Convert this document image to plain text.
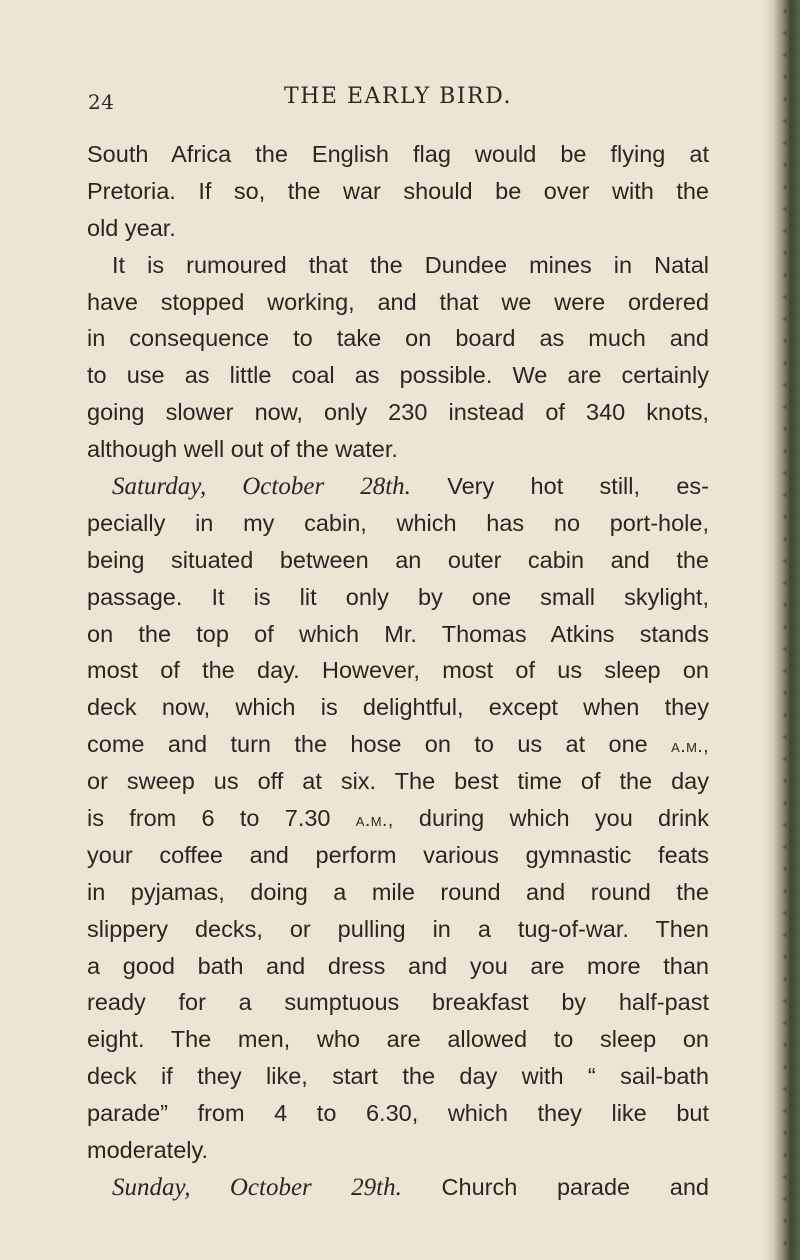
24	THE EARLY BIRD.
South Africa the English flag would be flying at
Pretoria. If so, the war should be over with the
old year.
It is rumoured that the Dundee mines in Natal
have stopped working, and that we were ordered
in consequence to take on board as much and
to use as little coal as possible. We are certainly
going slower now, only 230 instead of 340 knots,
although well out of the water.
Saturday, October 28th. Very hot still, es-
pecially in my cabin, which has no port-hole,
being situated between an outer cabin and the
passage. It is lit only by one small skylight,
on the top of which Mr. Thomas Atkins stands
most of the day. However, most of us sleep on
deck now, which is delightful, except when they
come and turn the hose on to us at one a.m.,
or sweep us off at six. The best time of the day
is from 6 to 7.30 a.m., during which you drink
your coffee and perform various gymnastic feats
in pyjamas, doing a mile round and round the
slippery decks, or pulling in a tug-of-war. Then
a good bath and dress and you are more than
ready for a sumptuous breakfast by half-past
eight. The men, who are allowed to sleep on
deck if they like, start the day with “ sail-bath
parade” from 4 to 6.30, which they like but
moderately.
Sunday, October 29th. Church parade and
